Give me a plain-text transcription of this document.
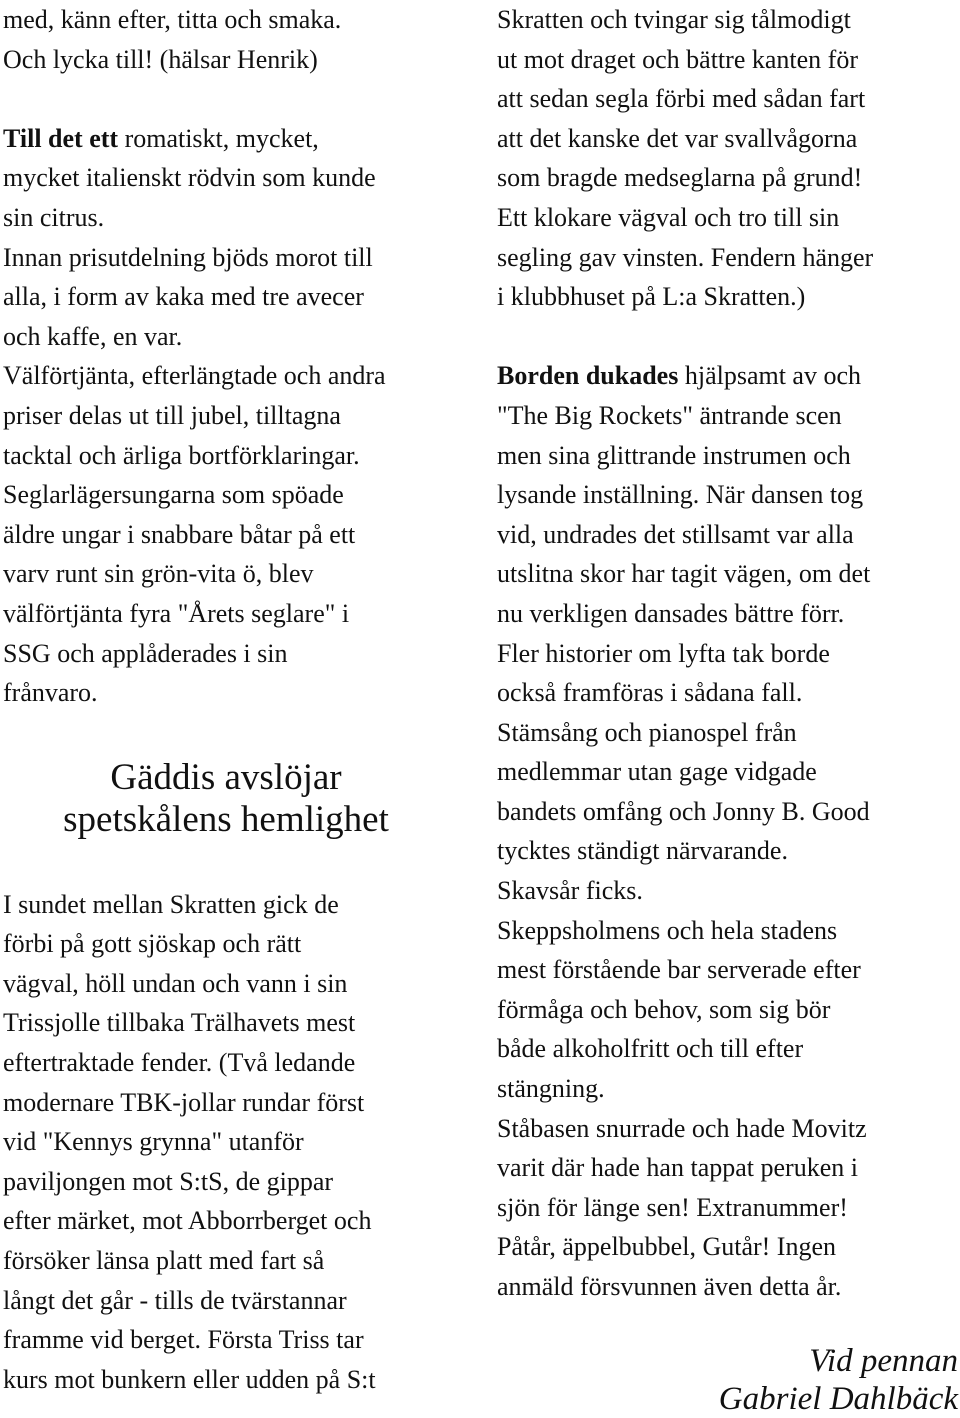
med, känn efter, titta och smaka.
Och lycka till! (hälsar Henrik)

Till det ett romatiskt, mycket,
mycket italienskt rödvin som kunde
sin citrus.
Innan prisutdelning bjöds morot till
alla, i form av kaka med tre avecer
och kaffe, en var.
Välförtjänta, efterlängtade och andra
priser delas ut till jubel, tilltagna
tacktal och ärliga bortförklaringar.
Seglarlägersungarna som spöade
äldre ungar i snabbare båtar på ett
varv runt sin grön-vita ö, blev
välförtjänta fyra "Årets seglare" i
SSG och applåderades i sin
frånvaro.

Gäddis avslöjar
spetskålens hemlighet

I sundet mellan Skratten gick de
förbi på gott sjöskap och rätt
vägval, höll undan och vann i sin
Trissjolle tillbaka Trälhavets mest
eftertraktade fender. (Två ledande
modernare TBK-jollar rundar först
vid "Kennys grynna" utanför
paviljongen mot S:tS, de gippar
efter märket, mot Abborrberget och
försöker länsa platt med fart så
långt det går - tills de tvärstannar
framme vid berget. Första Triss tar
kurs mot bunkern eller udden på S:t

Skratten och tvingar sig tålmodigt
ut mot draget och bättre kanten för
att sedan segla förbi med sådan fart
att det kanske det var svallvågorna
som bragde medseglarna på grund!
Ett klokare vägval och tro till sin
segling gav vinsten. Fendern hänger
i klubbhuset på L:a Skratten.)

Borden dukades hjälpsamt av och
"The Big Rockets" äntrande scen
men sina glittrande instrumen och
lysande inställning. När dansen tog
vid, undrades det stillsamt var alla
utslitna skor har tagit vägen, om det
nu verkligen dansades bättre förr.
Fler historier om lyfta tak borde
också framföras i sådana fall.
Stämsång och pianospel från
medlemmar utan gage vidgade
bandets omfång och Jonny B. Good
tycktes ständigt närvarande.
Skavsår ficks.
Skeppsholmens och hela stadens
mest förstående bar serverade efter
förmåga och behov, som sig bör
både alkoholfritt och till efter
stängning.
Ståbasen snurrade och hade Movitz
varit där hade han tappat peruken i
sjön för länge sen! Extranummer!
Påtår, äppelbubbel, Gutår! Ingen
anmäld försvunnen även detta år.

Vid pennan
Gabriel Dahlbäck
